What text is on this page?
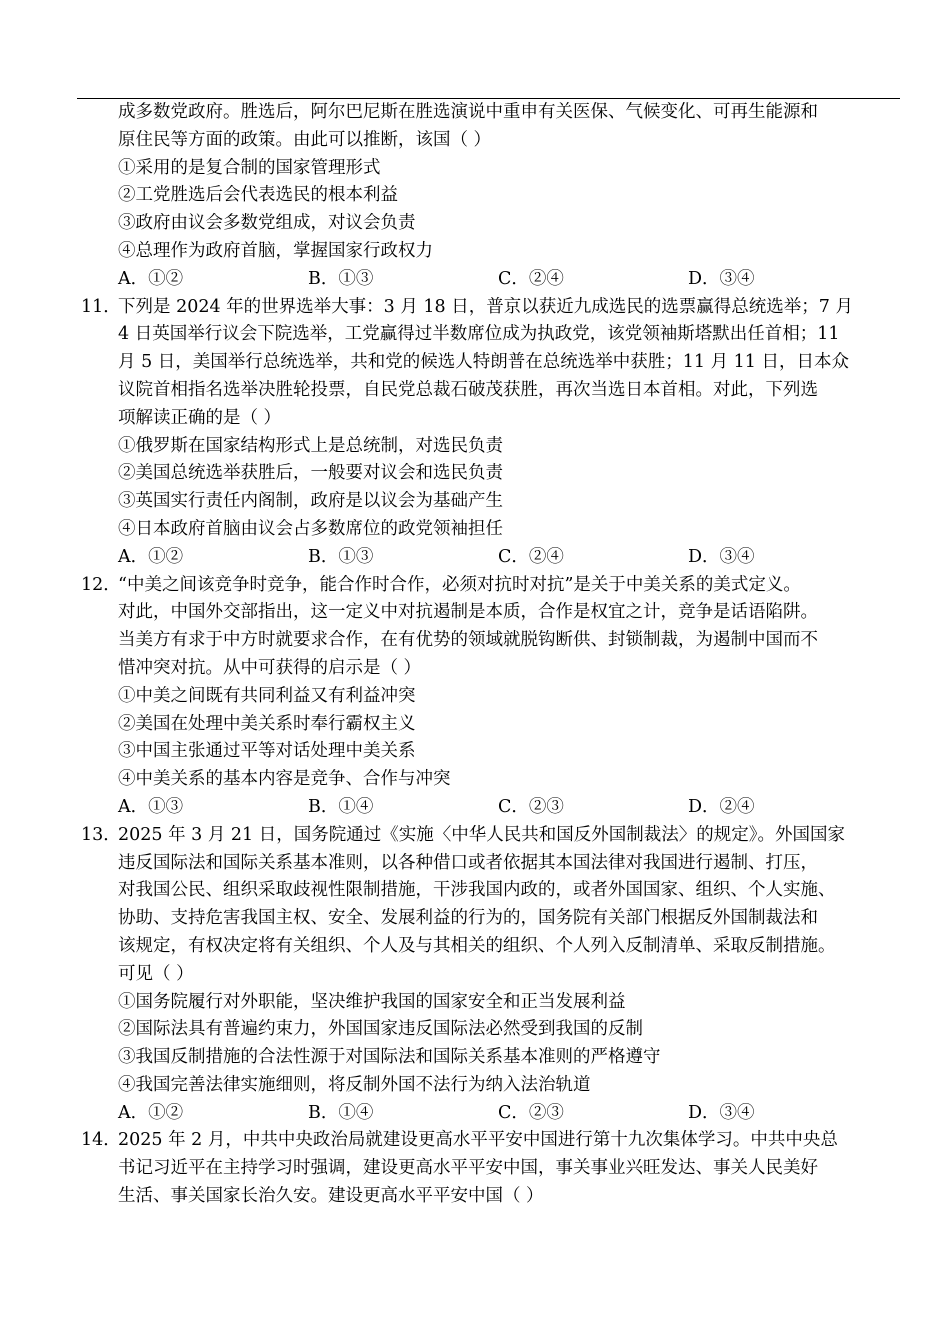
成多数党政府。胜选后，阿尔巴尼斯在胜选演说中重申有关医保、气候变化、可再生能源和
原住民等方面的政策。由此可以推断，该国（ ）
①采用的是复合制的国家管理形式
②工党胜选后会代表选民的根本利益
③政府由议会多数党组成，对议会负责
④总理作为政府首脑，掌握国家行政权力
A．①②	B．①③	C．②④	D．③④
11．
下列是 2024 年的世界选举大事：3 月 18 日，普京以获近九成选民的选票赢得总统选举；7 月
4 日英国举行议会下院选举，工党赢得过半数席位成为执政党，该党领袖斯塔默出任首相；11
月 5 日，美国举行总统选举，共和党的候选人特朗普在总统选举中获胜；11 月 11 日，日本众
议院首相指名选举决胜轮投票，自民党总裁石破茂获胜，再次当选日本首相。对此，下列选
项解读正确的是（ ）
①俄罗斯在国家结构形式上是总统制，对选民负责
②美国总统选举获胜后，一般要对议会和选民负责
③英国实行责任内阁制，政府是以议会为基础产生
④日本政府首脑由议会占多数席位的政党领袖担任
A．①②	B．①③	C．②④	D．③④
12．
“中美之间该竞争时竞争，能合作时合作，必须对抗时对抗”是关于中美关系的美式定义。
对此，中国外交部指出，这一定义中对抗遏制是本质，合作是权宜之计，竞争是话语陷阱。
当美方有求于中方时就要求合作，在有优势的领域就脱钩断供、封锁制裁，为遏制中国而不
惜冲突对抗。从中可获得的启示是（ ）
①中美之间既有共同利益又有利益冲突
②美国在处理中美关系时奉行霸权主义
③中国主张通过平等对话处理中美关系
④中美关系的基本内容是竞争、合作与冲突
A．①③	B．①④	C．②③	D．②④
13．
2025 年 3 月 21 日，国务院通过《实施〈中华人民共和国反外国制裁法〉的规定》。外国国家
违反国际法和国际关系基本准则，以各种借口或者依据其本国法律对我国进行遏制、打压，
对我国公民、组织采取歧视性限制措施，干涉我国内政的，或者外国国家、组织、个人实施、
协助、支持危害我国主权、安全、发展利益的行为的，国务院有关部门根据反外国制裁法和
该规定，有权决定将有关组织、个人及与其相关的组织、个人列入反制清单、采取反制措施。
可见（ ）
①国务院履行对外职能，坚决维护我国的国家安全和正当发展利益
②国际法具有普遍约束力，外国国家违反国际法必然受到我国的反制
③我国反制措施的合法性源于对国际法和国际关系基本准则的严格遵守
④我国完善法律实施细则，将反制外国不法行为纳入法治轨道
A．①②	B．①④	C．②③	D．③④
14．
2025 年 2 月，中共中央政治局就建设更高水平平安中国进行第十九次集体学习。中共中央总
书记习近平在主持学习时强调，建设更高水平平安中国，事关事业兴旺发达、事关人民美好
生活、事关国家长治久安。建设更高水平平安中国（ ）
